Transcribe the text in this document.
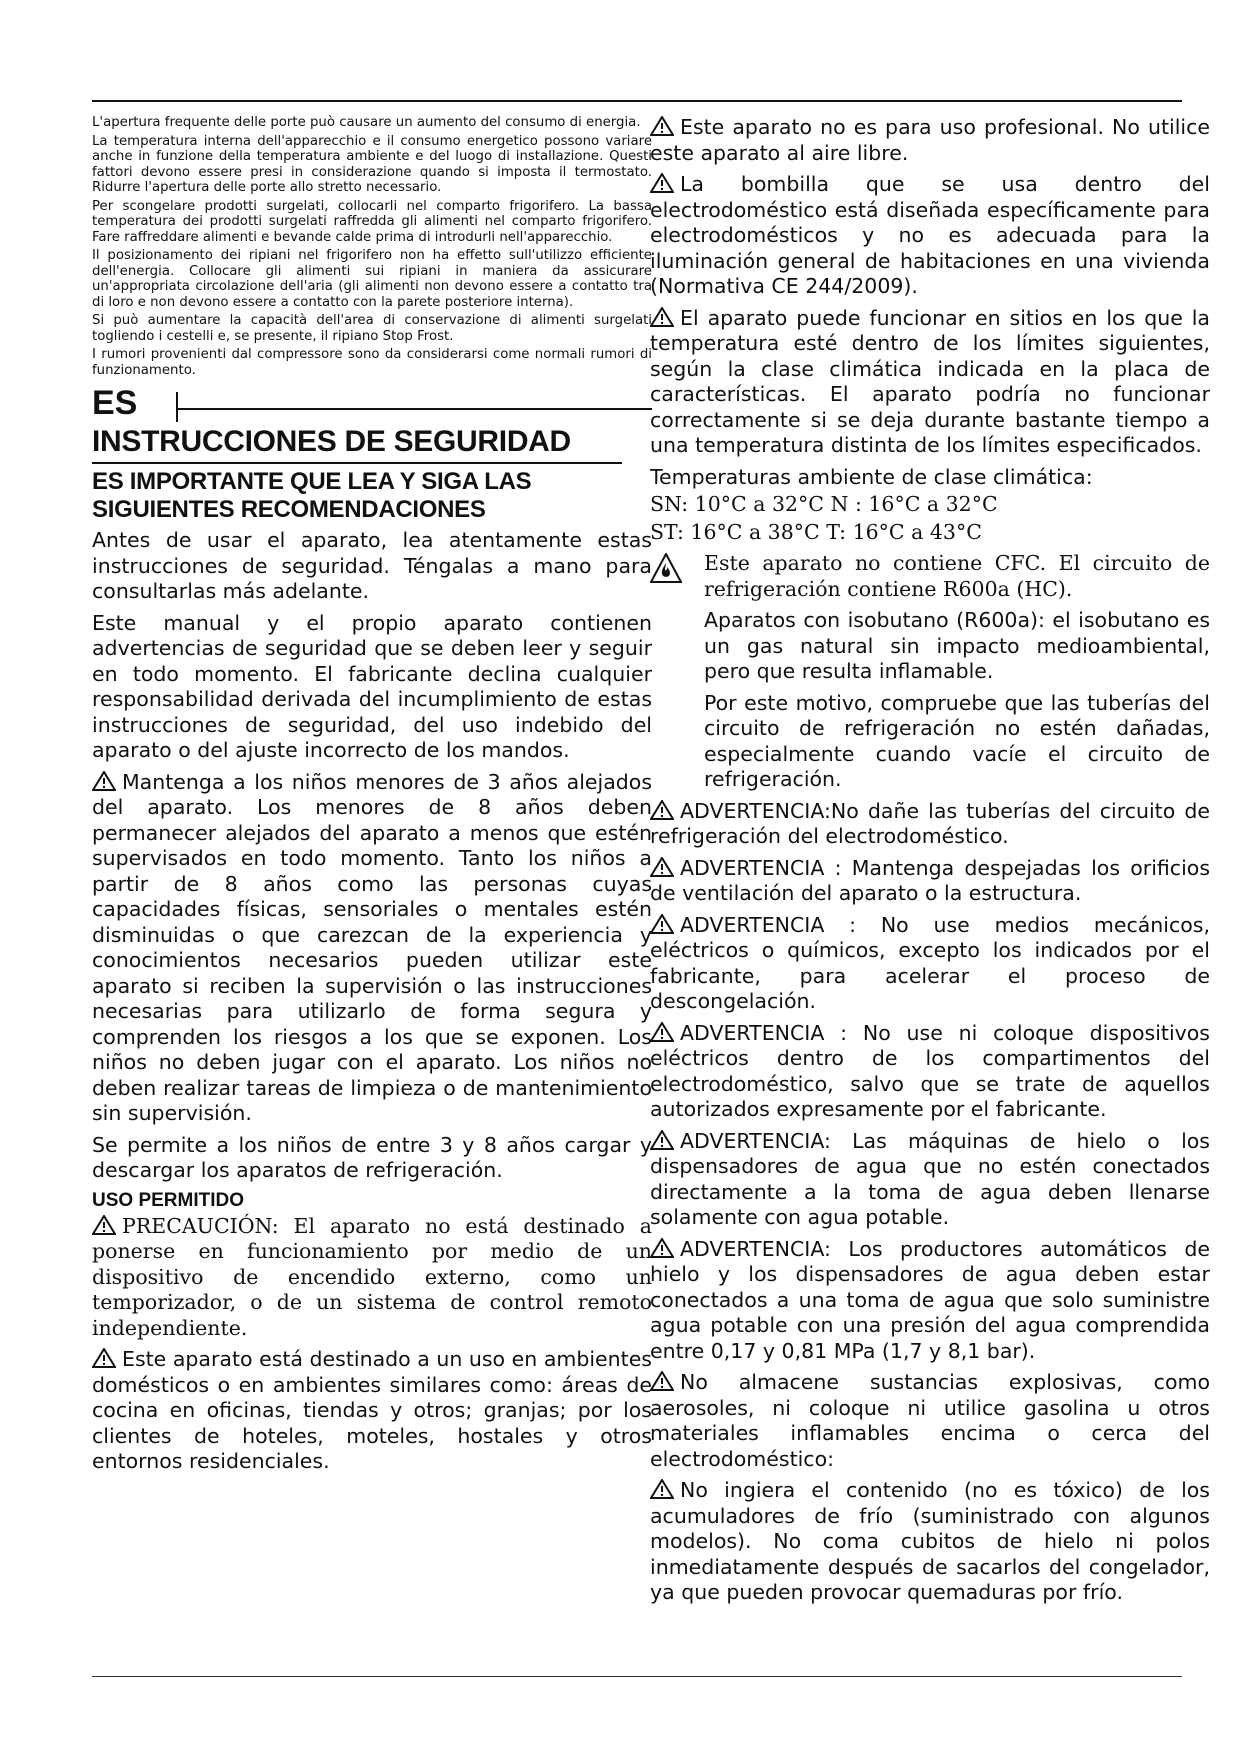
L'apertura frequente delle porte può causare un aumento del consumo di energia.

La temperatura interna dell'apparecchio e il consumo energetico possono variare anche in funzione della temperatura ambiente e del luogo di installazione. Questi fattori devono essere presi in considerazione quando si imposta il termostato. Ridurre l'apertura delle porte allo stretto necessario.

Per scongelare prodotti surgelati, collocarli nel comparto frigorifero. La bassa temperatura dei prodotti surgelati raffredda gli alimenti nel comparto frigorifero. Fare raffreddare alimenti e bevande calde prima di introdurli nell'apparecchio.

Il posizionamento dei ripiani nel frigorifero non ha effetto sull'utilizzo efficiente dell'energia. Collocare gli alimenti sui ripiani in maniera da assicurare un'appropriata circolazione dell'aria (gli alimenti non devono essere a contatto tra di loro e non devono essere a contatto con la parete posteriore interna).

Si può aumentare la capacità dell'area di conservazione di alimenti surgelati togliendo i cestelli e, se presente, il ripiano Stop Frost.

I rumori provenienti dal compressore sono da considerarsi come normali rumori di funzionamento.

ES
INSTRUCCIONES DE SEGURIDAD
ES IMPORTANTE QUE LEA Y SIGA LAS SIGUIENTES RECOMENDACIONES

Antes de usar el aparato, lea atentamente estas instrucciones de seguridad. Téngalas a mano para consultarlas más adelante.

Este manual y el propio aparato contienen advertencias de seguridad que se deben leer y seguir en todo momento. El fabricante declina cualquier responsabilidad derivada del incumplimiento de estas instrucciones de seguridad, del uso indebido del aparato o del ajuste incorrecto de los mandos.

Mantenga a los niños menores de 3 años alejados del aparato. Los menores de 8 años deben permanecer alejados del aparato a menos que estén supervisados en todo momento. Tanto los niños a partir de 8 años como las personas cuyas capacidades físicas, sensoriales o mentales estén disminuidas o que carezcan de la experiencia y conocimientos necesarios pueden utilizar este aparato si reciben la supervisión o las instrucciones necesarias para utilizarlo de forma segura y comprenden los riesgos a los que se exponen. Los niños no deben jugar con el aparato. Los niños no deben realizar tareas de limpieza o de mantenimiento sin supervisión.

Se permite a los niños de entre 3 y 8 años cargar y descargar los aparatos de refrigeración.

USO PERMITIDO

PRECAUCIÓN: El aparato no está destinado a ponerse en funcionamiento por medio de un dispositivo de encendido externo, como un temporizador, o de un sistema de control remoto independiente.

Este aparato está destinado a un uso en ambientes domésticos o en ambientes similares como: áreas de cocina en oficinas, tiendas y otros; granjas; por los clientes de hoteles, moteles, hostales y otros entornos residenciales.

Este aparato no es para uso profesional. No utilice este aparato al aire libre.

La bombilla que se usa dentro del electrodoméstico está diseñada específicamente para electrodomésticos y no es adecuada para la iluminación general de habitaciones en una vivienda (Normativa CE 244/2009).

El aparato puede funcionar en sitios en los que la temperatura esté dentro de los límites siguientes, según la clase climática indicada en la placa de características. El aparato podría no funcionar correctamente si se deja durante bastante tiempo a una temperatura distinta de los límites especificados.

Temperaturas ambiente de clase climática:

SN: 10°C a 32°C N : 16°C a 32°C

ST: 16°C a 38°C T: 16°C a 43°C

Este aparato no contiene CFC. El circuito de refrigeración contiene R600a (HC).

Aparatos con isobutano (R600a): el isobutano es un gas natural sin impacto medioambiental, pero que resulta inflamable.

Por este motivo, compruebe que las tuberías del circuito de refrigeración no estén dañadas, especialmente cuando vacíe el circuito de refrigeración.

ADVERTENCIA:No dañe las tuberías del circuito de refrigeración del electrodoméstico.

ADVERTENCIA : Mantenga despejadas los orificios de ventilación del aparato o la estructura.

ADVERTENCIA : No use medios mecánicos, eléctricos o químicos, excepto los indicados por el fabricante, para acelerar el proceso de descongelación.

ADVERTENCIA : No use ni coloque dispositivos eléctricos dentro de los compartimentos del electrodoméstico, salvo que se trate de aquellos autorizados expresamente por el fabricante.

ADVERTENCIA: Las máquinas de hielo o los dispensadores de agua que no estén conectados directamente a la toma de agua deben llenarse solamente con agua potable.

ADVERTENCIA: Los productores automáticos de hielo y los dispensadores de agua deben estar conectados a una toma de agua que solo suministre agua potable con una presión del agua comprendida entre 0,17 y 0,81 MPa (1,7 y 8,1 bar).

No almacene sustancias explosivas, como aerosoles, ni coloque ni utilice gasolina u otros materiales inflamables encima o cerca del electrodoméstico:

No ingiera el contenido (no es tóxico) de los acumuladores de frío (suministrado con algunos modelos). No coma cubitos de hielo ni polos inmediatamente después de sacarlos del congelador, ya que pueden provocar quemaduras por frío.
